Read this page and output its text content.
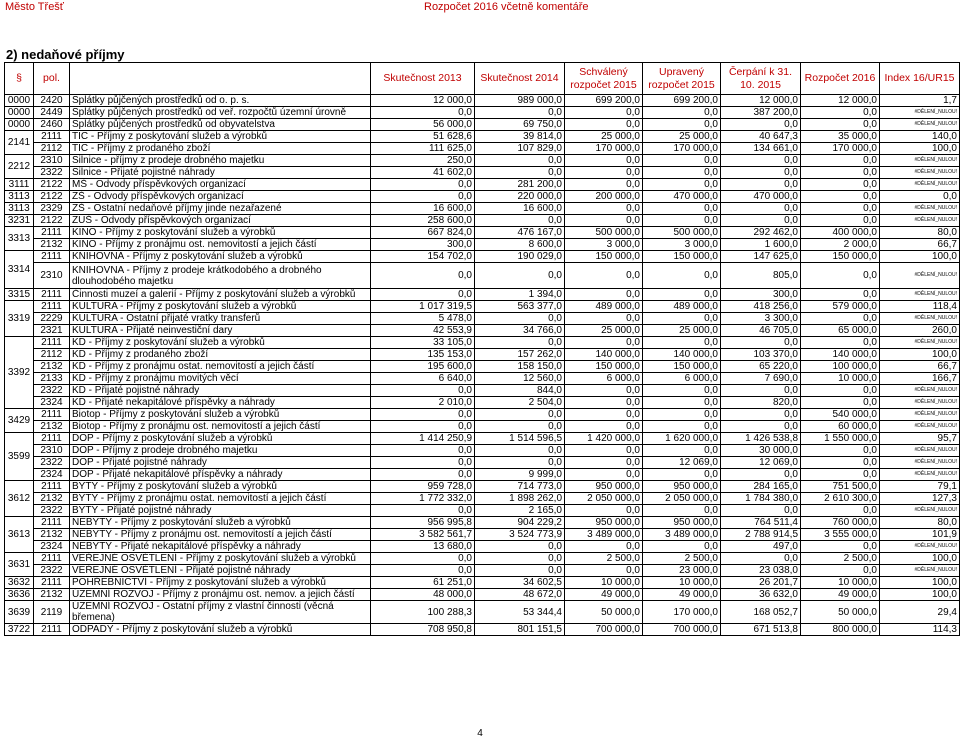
Město Třešť	Rozpočet 2016 včetně komentáře
2) nedaňové příjmy
§	pol.		Skutečnost 2013	Skutečnost 2014	Schválený rozpočet 2015	Upravený rozpočet 2015	Čerpání k 31. 10. 2015	Rozpočet 2016	Index 16/UR15
0000	2420	Splátky půjčených prostředků od o. p. s.	12 000,0	989 000,0	699 200,0	699 200,0	12 000,0	12 000,0	1,7
0000	2449	Splátky půjčených prostředků od veř. rozpočtů územní úrovně	0,0	0,0	0,0	0,0	387 200,0	0,0	#DĚLENÍ_NULOU!
0000	2460	Splátky půjčených prostředků od obyvatelstva	56 000,0	69 750,0	0,0	0,0	0,0	0,0	#DĚLENÍ_NULOU!
2141	2111	TIC - Příjmy z poskytování služeb a výrobků	51 628,6	39 814,0	25 000,0	25 000,0	40 647,3	35 000,0	140,0
	2112	TIC - Příjmy z prodaného zboží	111 625,0	107 829,0	170 000,0	170 000,0	134 661,0	170 000,0	100,0
2212	2310	Silnice - příjmy z prodeje drobného majetku	250,0	0,0	0,0	0,0	0,0	0,0	#DĚLENÍ_NULOU!
	2322	Silnice - Přijaté pojistné náhrady	41 602,0	0,0	0,0	0,0	0,0	0,0	#DĚLENÍ_NULOU!
3111	2122	MŠ - Odvody příspěvkových organizací	0,0	281 200,0	0,0	0,0	0,0	0,0	#DĚLENÍ_NULOU!
3113	2122	ZŠ - Odvody příspěvkových organizací	0,0	220 000,0	200 000,0	470 000,0	470 000,0	0,0	0,0
3113	2329	ZŠ - Ostatní nedaňové příjmy jinde nezařazené	16 600,0	16 600,0	0,0	0,0	0,0	0,0	#DĚLENÍ_NULOU!
3231	2122	ZUŠ - Odvody příspěvkových organizací	258 600,0	0,0	0,0	0,0	0,0	0,0	#DĚLENÍ_NULOU!
3313	2111	KINO - Příjmy z poskytování služeb a výrobků	667 824,0	476 167,0	500 000,0	500 000,0	292 462,0	400 000,0	80,0
	2132	KINO - Příjmy z pronájmu ost. nemovitostí a jejich částí	300,0	8 600,0	3 000,0	3 000,0	1 600,0	2 000,0	66,7
3314	2111	KNIHOVNA - Příjmy z poskytování služeb a výrobků	154 702,0	190 029,0	150 000,0	150 000,0	147 625,0	150 000,0	100,0
	2310	KNIHOVNA - Příjmy z prodeje krátkodobého a drobného dlouhodobého majetku	0,0	0,0	0,0	0,0	805,0	0,0	#DĚLENÍ_NULOU!
3315	2111	Činnosti muzeí a galerií - Příjmy z poskytování služeb a výrobků	0,0	1 394,0	0,0	0,0	300,0	0,0	#DĚLENÍ_NULOU!
3319	2111	KULTURA - Příjmy z poskytování služeb a výrobků	1 017 319,5	563 377,0	489 000,0	489 000,0	418 256,0	579 000,0	118,4
	2229	KULTURA - Ostatní přijaté vratky transferů	5 478,0	0,0	0,0	0,0	3 300,0	0,0	#DĚLENÍ_NULOU!
	2321	KULTURA - Přijaté neinvestiční dary	42 553,9	34 766,0	25 000,0	25 000,0	46 705,0	65 000,0	260,0
3392	2111	KD - Příjmy z poskytování služeb a výrobků	33 105,0	0,0	0,0	0,0	0,0	0,0	#DĚLENÍ_NULOU!
	2112	KD - Příjmy z prodaného zboží	135 153,0	157 262,0	140 000,0	140 000,0	103 370,0	140 000,0	100,0
	2132	KD - Příjmy z pronájmu ostat. nemovitostí a jejich částí	195 600,0	158 150,0	150 000,0	150 000,0	65 220,0	100 000,0	66,7
	2133	KD - Příjmy z pronájmu movitých věcí	6 640,0	12 560,0	6 000,0	6 000,0	7 690,0	10 000,0	166,7
	2322	KD - Přijaté pojistné náhrady	0,0	844,0	0,0	0,0	0,0	0,0	#DĚLENÍ_NULOU!
	2324	KD - Přijaté nekapitálové příspěvky a náhrady	2 010,0	2 504,0	0,0	0,0	820,0	0,0	#DĚLENÍ_NULOU!
3429	2111	Biotop - Příjmy z poskytování služeb a výrobků	0,0	0,0	0,0	0,0	0,0	540 000,0	#DĚLENÍ_NULOU!
	2132	Biotop - Příjmy z pronájmu ost. nemovitostí a jejich částí	0,0	0,0	0,0	0,0	0,0	60 000,0	#DĚLENÍ_NULOU!
3599	2111	DOP - Příjmy z poskytování služeb a výrobků	1 414 250,9	1 514 596,5	1 420 000,0	1 620 000,0	1 426 538,8	1 550 000,0	95,7
	2310	DOP - Příjmy z prodeje drobného majetku	0,0	0,0	0,0	0,0	30 000,0	0,0	#DĚLENÍ_NULOU!
	2322	DOP - Přijaté pojistné náhrady	0,0	0,0	0,0	12 069,0	12 069,0	0,0	#DĚLENÍ_NULOU!
	2324	DOP - Přijaté nekapitálové příspěvky a náhrady	0,0	9 999,0	0,0	0,0	0,0	0,0	#DĚLENÍ_NULOU!
3612	2111	BYTY - Příjmy z poskytování služeb a výrobků	959 728,0	714 773,0	950 000,0	950 000,0	284 165,0	751 500,0	79,1
	2132	BYTY - Příjmy z pronájmu ostat. nemovitostí a jejich částí	1 772 332,0	1 898 262,0	2 050 000,0	2 050 000,0	1 784 380,0	2 610 300,0	127,3
	2322	BYTY - Přijaté pojistné náhrady	0,0	2 165,0	0,0	0,0	0,0	0,0	#DĚLENÍ_NULOU!
3613	2111	NEBYTY - Příjmy z poskytování služeb a výrobků	956 995,8	904 229,2	950 000,0	950 000,0	764 511,4	760 000,0	80,0
	2132	NEBYTY - Příjmy z pronájmu ost. nemovitostí a jejich částí	3 582 561,7	3 524 773,9	3 489 000,0	3 489 000,0	2 788 914,5	3 555 000,0	101,9
	2324	NEBYTY - Přijaté nekapitálové příspěvky a náhrady	13 680,0	0,0	0,0	0,0	497,0	0,0	#DĚLENÍ_NULOU!
3631	2111	VEŘEJNÉ OSVĚTLENÍ - Příjmy z poskytování služeb a výrobků	0,0	0,0	2 500,0	2 500,0	0,0	2 500,0	100,0
	2322	VEŘEJNÉ OSVĚTLENÍ - Přijaté pojistné náhrady	0,0	0,0	0,0	23 000,0	23 038,0	0,0	#DĚLENÍ_NULOU!
3632	2111	POHŘEBNICTVÍ - Příjmy z poskytování služeb a výrobků	61 251,0	34 602,5	10 000,0	10 000,0	26 201,7	10 000,0	100,0
3636	2132	ÚZEMNÍ ROZVOJ - Příjmy z pronájmu ost. nemov. a jejich částí	48 000,0	48 672,0	49 000,0	49 000,0	36 632,0	49 000,0	100,0
3639	2119	ÚZEMNÍ ROZVOJ - Ostatní příjmy z vlastní činnosti (věcná břemena)	100 288,3	53 344,4	50 000,0	170 000,0	168 052,7	50 000,0	29,4
3722	2111	ODPADY - Příjmy z poskytování služeb a výrobků	708 950,8	801 151,5	700 000,0	700 000,0	671 513,8	800 000,0	114,3
4
